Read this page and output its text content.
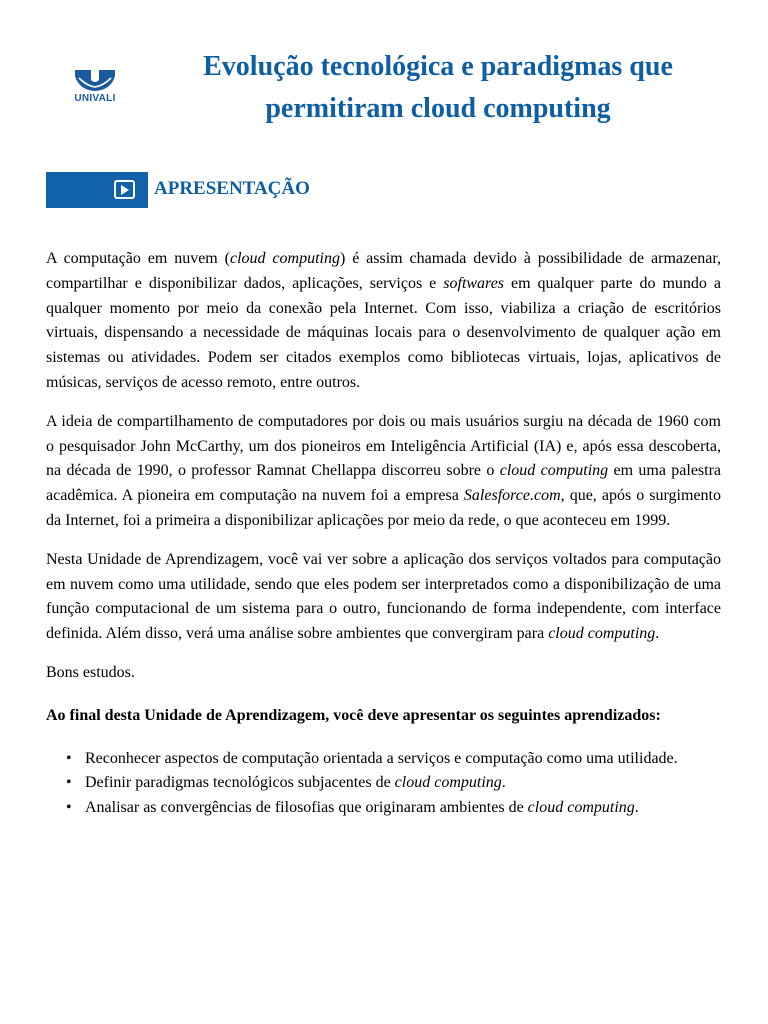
UNIVALI
Evolução tecnológica e paradigmas que permitiram cloud computing
APRESENTAÇÃO

A computação em nuvem (cloud computing) é assim chamada devido à possibilidade de armazenar, compartilhar e disponibilizar dados, aplicações, serviços e softwares em qualquer parte do mundo a qualquer momento por meio da conexão pela Internet. Com isso, viabiliza a criação de escritórios virtuais, dispensando a necessidade de máquinas locais para o desenvolvimento de qualquer ação em sistemas ou atividades. Podem ser citados exemplos como bibliotecas virtuais, lojas, aplicativos de músicas, serviços de acesso remoto, entre outros.

A ideia de compartilhamento de computadores por dois ou mais usuários surgiu na década de 1960 com o pesquisador John McCarthy, um dos pioneiros em Inteligência Artificial (IA) e, após essa descoberta, na década de 1990, o professor Ramnat Chellappa discorreu sobre o cloud computing em uma palestra acadêmica. A pioneira em computação na nuvem foi a empresa Salesforce.com, que, após o surgimento da Internet, foi a primeira a disponibilizar aplicações por meio da rede, o que aconteceu em 1999.

Nesta Unidade de Aprendizagem, você vai ver sobre a aplicação dos serviços voltados para computação em nuvem como uma utilidade, sendo que eles podem ser interpretados como a disponibilização de uma função computacional de um sistema para o outro, funcionando de forma independente, com interface definida. Além disso, verá uma análise sobre ambientes que convergiram para cloud computing.

Bons estudos.

Ao final desta Unidade de Aprendizagem, você deve apresentar os seguintes aprendizados:

• Reconhecer aspectos de computação orientada a serviços e computação como uma utilidade.
• Definir paradigmas tecnológicos subjacentes de cloud computing.
• Analisar as convergências de filosofias que originaram ambientes de cloud computing.
